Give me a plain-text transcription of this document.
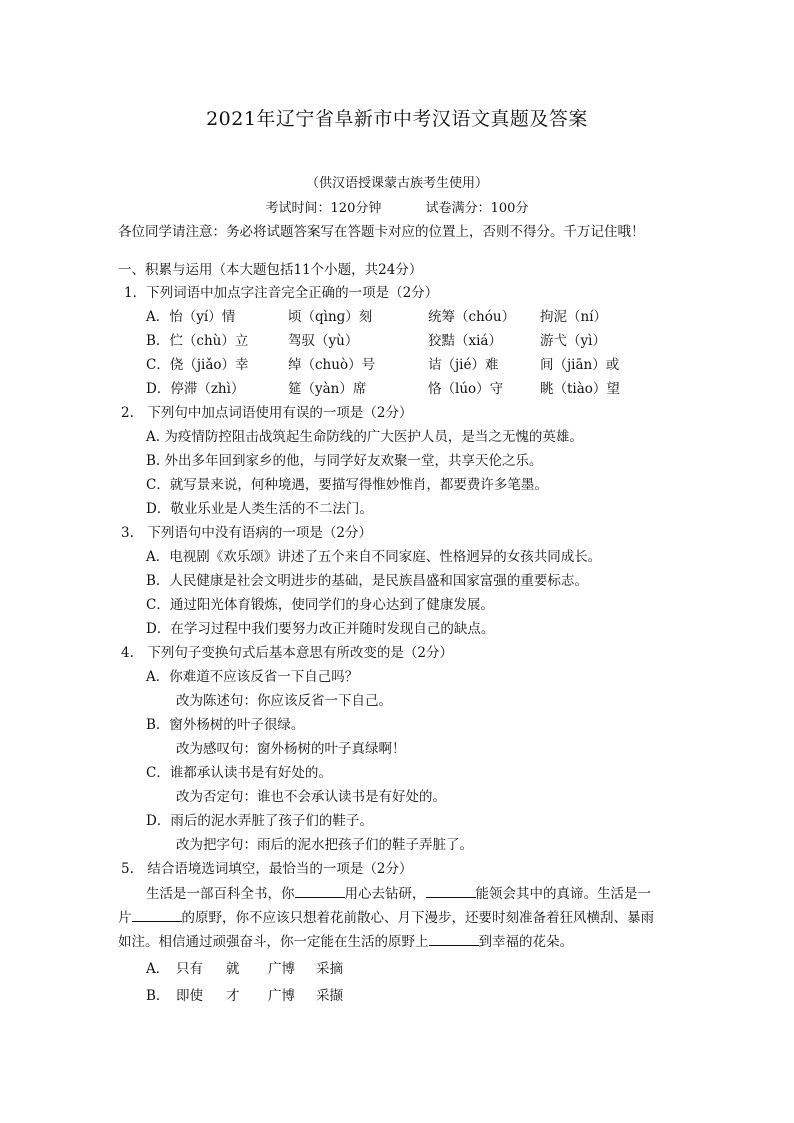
2021年辽宁省阜新市中考汉语文真题及答案
（供汉语授课蒙古族考生使用）
考试时间：120分钟	试卷满分：100分
各位同学请注意：务必将试题答案写在答题卡对应的位置上，否则不得分。千万记住哦！
一、积累与运用（本大题包括11个小题，共24分）
1．下列词语中加点字注音完全正确的一项是（2分）
A．怡（yí）情	顷（qìnɡ）刻	统筹（chóu） 拘泥（ní）
B．伫（chù）立	驾驭（yù）	狡黠（xiá）	游弋（yì）
C．侥（jiǎo）幸	绰（chuò）号	诘（jié）难	间（jiān）或
D．停滞（zhì）	筵（yàn）席	恪（lúo）守	眺（tiào）望
2.　下列句中加点词语使用有误的一项是（2分）
A. 为疫情防控阻击战筑起生命防线的广大医护人员，是当之无愧的英雄。
B. 外出多年回到家乡的他，与同学好友欢聚一堂，共享天伦之乐。
C．就写景来说，何种境遇，要描写得惟妙惟肖，都要费许多笔墨。
D．敬业乐业是人类生活的不二法门。
3.　下列语句中没有语病的一项是（2分）
A．电视剧《欢乐颂》讲述了五个来自不同家庭、性格迥异的女孩共同成长。
B．人民健康是社会文明进步的基础，是民族昌盛和国家富强的重要标志。
C．通过阳光体育锻炼，使同学们的身心达到了健康发展。
D．在学习过程中我们要努力改正并随时发现自己的缺点。
4.　下列句子变换句式后基本意思有所改变的是（2分）
A．你难道不应该反省一下自己吗？
改为陈述句：你应该反省一下自己。
B．窗外杨树的叶子很绿。
改为感叹句：窗外杨树的叶子真绿啊！
C．谁都承认读书是有好处的。
改为否定句：谁也不会承认读书是有好处的。
D．雨后的泥水弄脏了孩子们的鞋子。
改为把字句：雨后的泥水把孩子们的鞋子弄脏了。
5.　结合语境选词填空，最恰当的一项是（2分）
生活是一部百科全书，你	用心去钻研，	能领会其中的真谛。生活是一
片	的原野，你不应该只想着花前散心、月下漫步，还要时刻准备着狂风横刮、暴雨
如注。相信通过顽强奋斗，你一定能在生活的原野上	到幸福的花朵。
A． 只有 就 广博 采摘
B． 即使 才 广博 采撷
